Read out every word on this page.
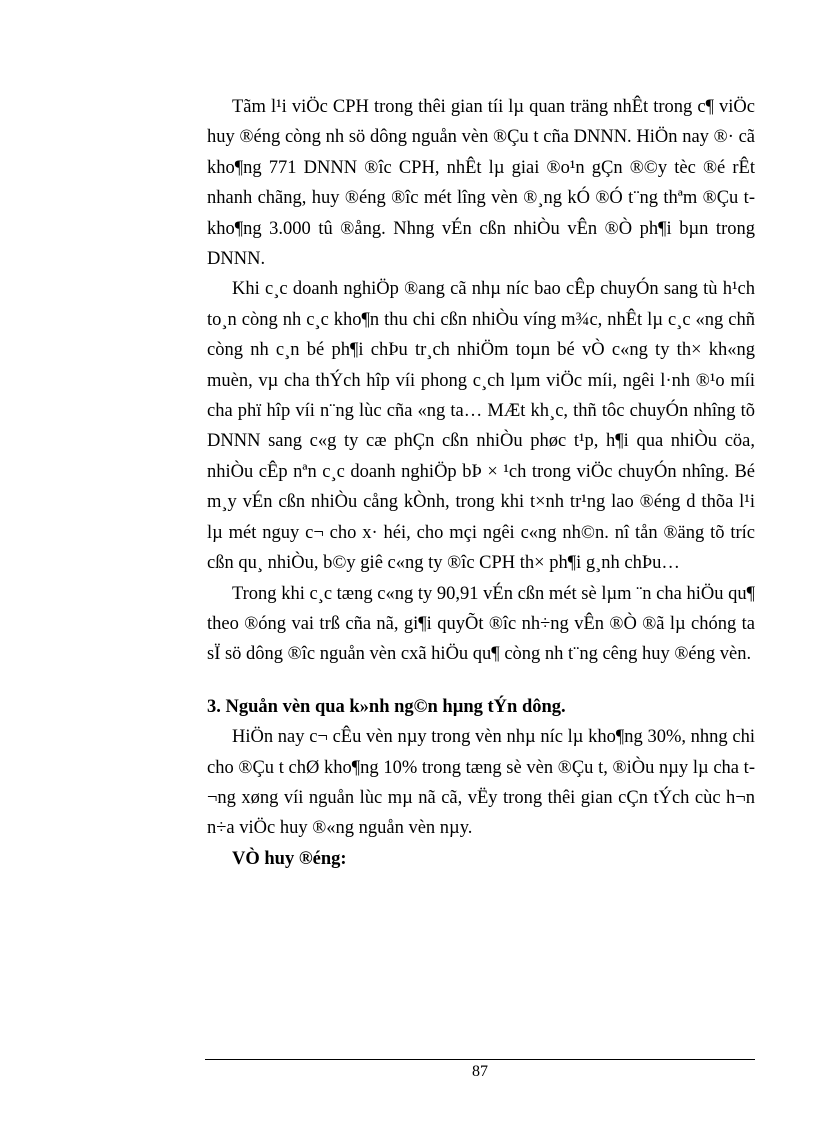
Tãm l¹i viÖc CPH trong thêi gian tíi lµ quan träng nhÊt trong c¶ viÖc huy ®éng còng nh sö dông nguån vèn ®Çu t cña DNNN. HiÖn nay ®· cã kho¶ng 771 DNNN ®îc CPH, nhÊt lµ giai ®o¹n gÇn ®©y tèc ®é rÊt nhanh chãng, huy ®éng ®îc mét lîng vèn ®¸ng kÓ ®Ó t¨ng thªm ®Çu t kho¶ng 3.000 tû ®ång. Nhng vÉn cßn nhiÒu vÊn ®Ò ph¶i bµn trong DNNN.

Khi c¸c doanh nghiÖp ®ang cã nhµ níc bao cÊp chuyÓn sang tù h¹ch to¸n còng nh c¸c kho¶n thu chi cßn nhiÒu víng m¾c, nhÊt lµ c¸c «ng chñ còng nh c¸n bé ph¶i chÞu tr¸ch nhiÖm toµn bé vÒ c«ng ty th× kh«ng muèn, vµ cha thÝch hîp víi phong c¸ch lµm viÖc míi, ngêi l·nh ®¹o míi cha phï hîp víi n¨ng lùc cña «ng ta… MÆt kh¸c, thñ tôc chuyÓn nhîng tõ DNNN sang c«g ty cæ phÇn cßn nhiÒu phøc t¹p, h¶i qua nhiÒu cöa, nhiÒu cÊp nªn c¸c doanh nghiÖp bÞ × ¹ch trong viÖc chuyÓn nhîng. Bé m¸y vÉn cßn nhiÒu cång kÒnh, trong khi t×nh tr¹ng lao ®éng d thõa l¹i lµ mét nguy c¬ cho x· héi, cho mçi ngêi c«ng nh©n. nî tån ®äng tõ tríc cßn qu¸ nhiÒu, b©y giê c«ng ty ®îc CPH th× ph¶i g¸nh chÞu…

Trong khi c¸c tæng c«ng ty 90,91 vÉn cßn mét sè lµm ¨n cha hiÖu qu¶ theo ®óng vai trß cña nã, gi¶i quyÕt ®îc nh÷ng vÊn ®Ò ®ã lµ chóng ta sÏ sö dông ®îc nguån vèn cxã hiÖu qu¶ còng nh t¨ng cêng huy ®éng vèn.

3. Nguån vèn qua k»nh ng©n hµng tÝn dông.

HiÖn nay c¬ cÊu vèn nµy trong vèn nhµ níc lµ kho¶ng 30%, nhng chi cho ®Çu t chØ kho¶ng 10% trong tæng sè vèn ®Çu t, ®iÒu nµy lµ cha t¬ng xøng víi nguån lùc mµ nã cã, vËy trong thêi gian cÇn tÝch cùc h¬n n÷a viÖc huy ®«ng nguån vèn nµy.

VÒ huy ®éng:

87
